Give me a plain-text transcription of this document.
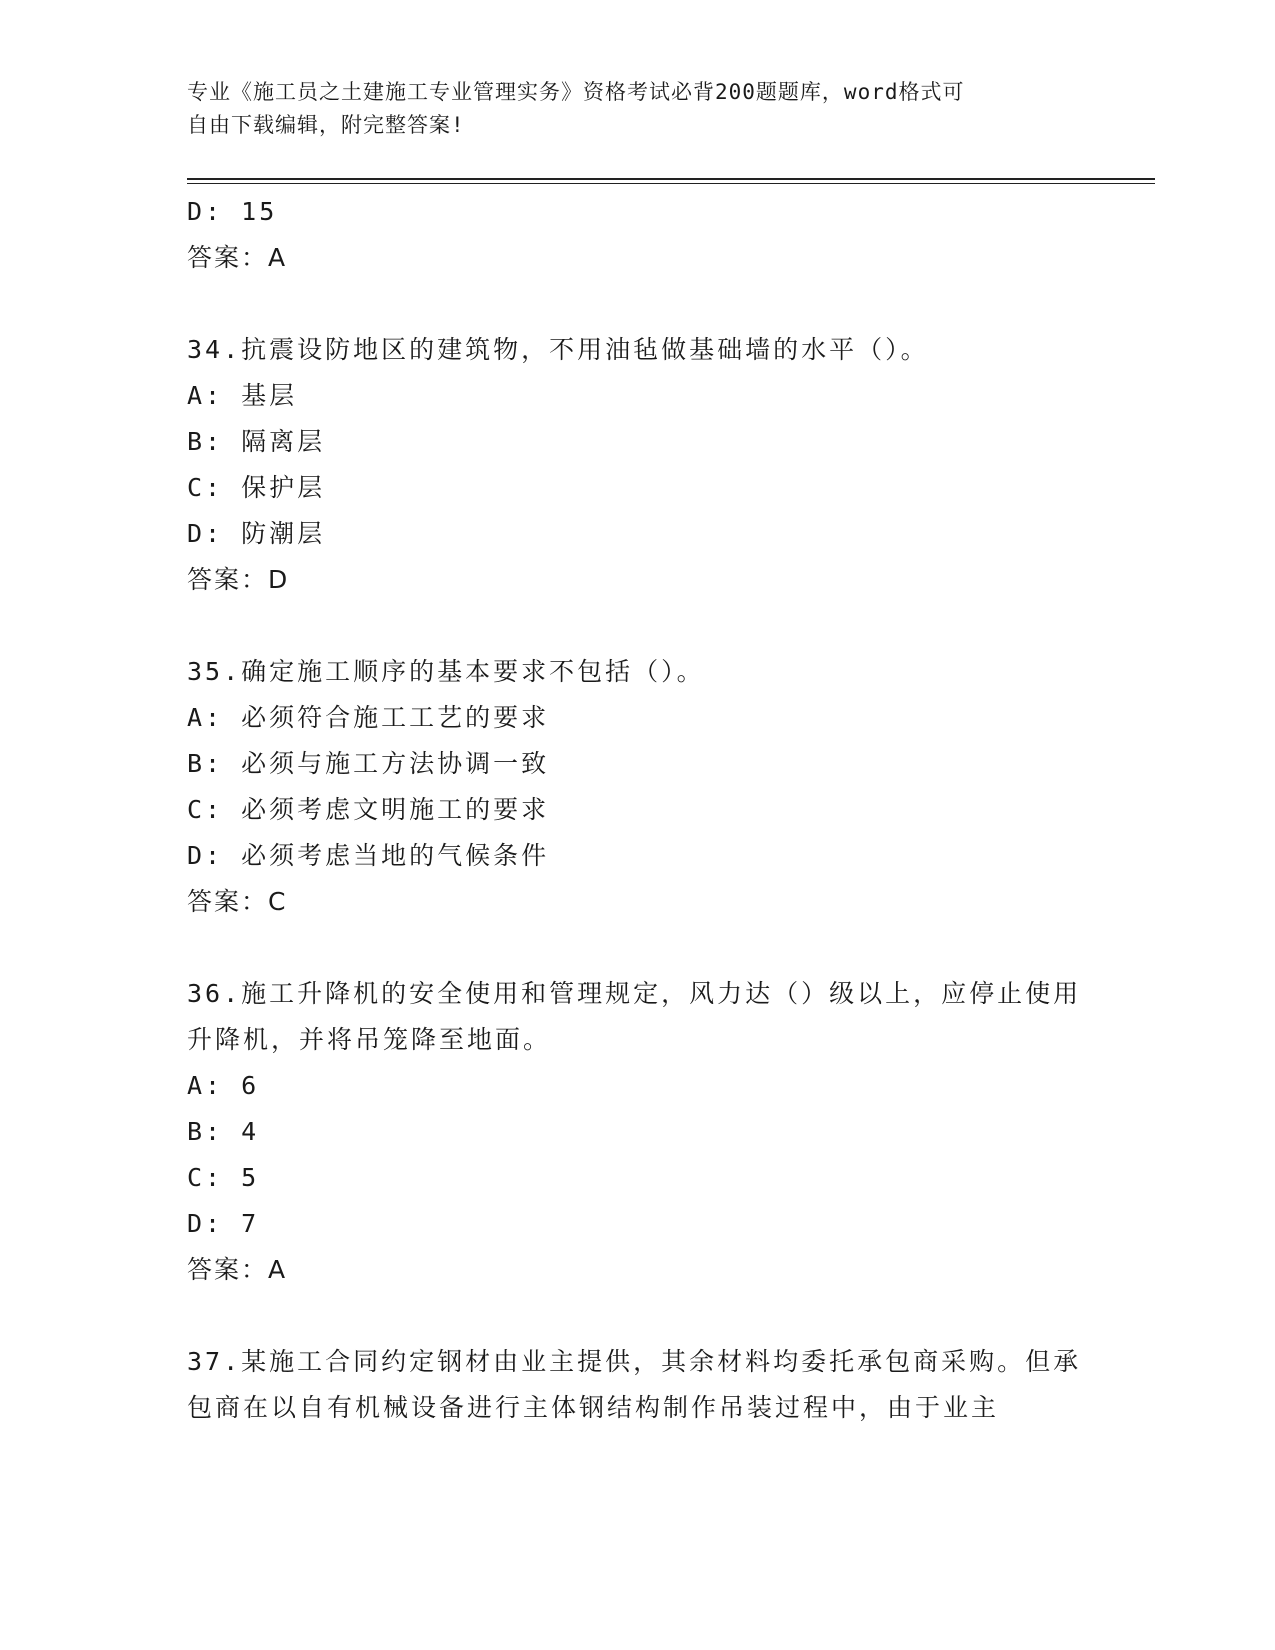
专业《施工员之土建施工专业管理实务》资格考试必背200题题库，word格式可
自由下载编辑，附完整答案!
D: 15
答案：A
34.抗震设防地区的建筑物，不用油毡做基础墙的水平（）。
A: 基层
B: 隔离层
C: 保护层
D: 防潮层
答案：D
35.确定施工顺序的基本要求不包括（）。
A: 必须符合施工工艺的要求
B: 必须与施工方法协调一致
C: 必须考虑文明施工的要求
D: 必须考虑当地的气候条件
答案：C
36.施工升降机的安全使用和管理规定，风力达（）级以上，应停止使用升降机，并将吊笼降至地面。
A: 6
B: 4
C: 5
D: 7
答案：A
37.某施工合同约定钢材由业主提供，其余材料均委托承包商采购。但承包商在以自有机械设备进行主体钢结构制作吊装过程中，由于业主
